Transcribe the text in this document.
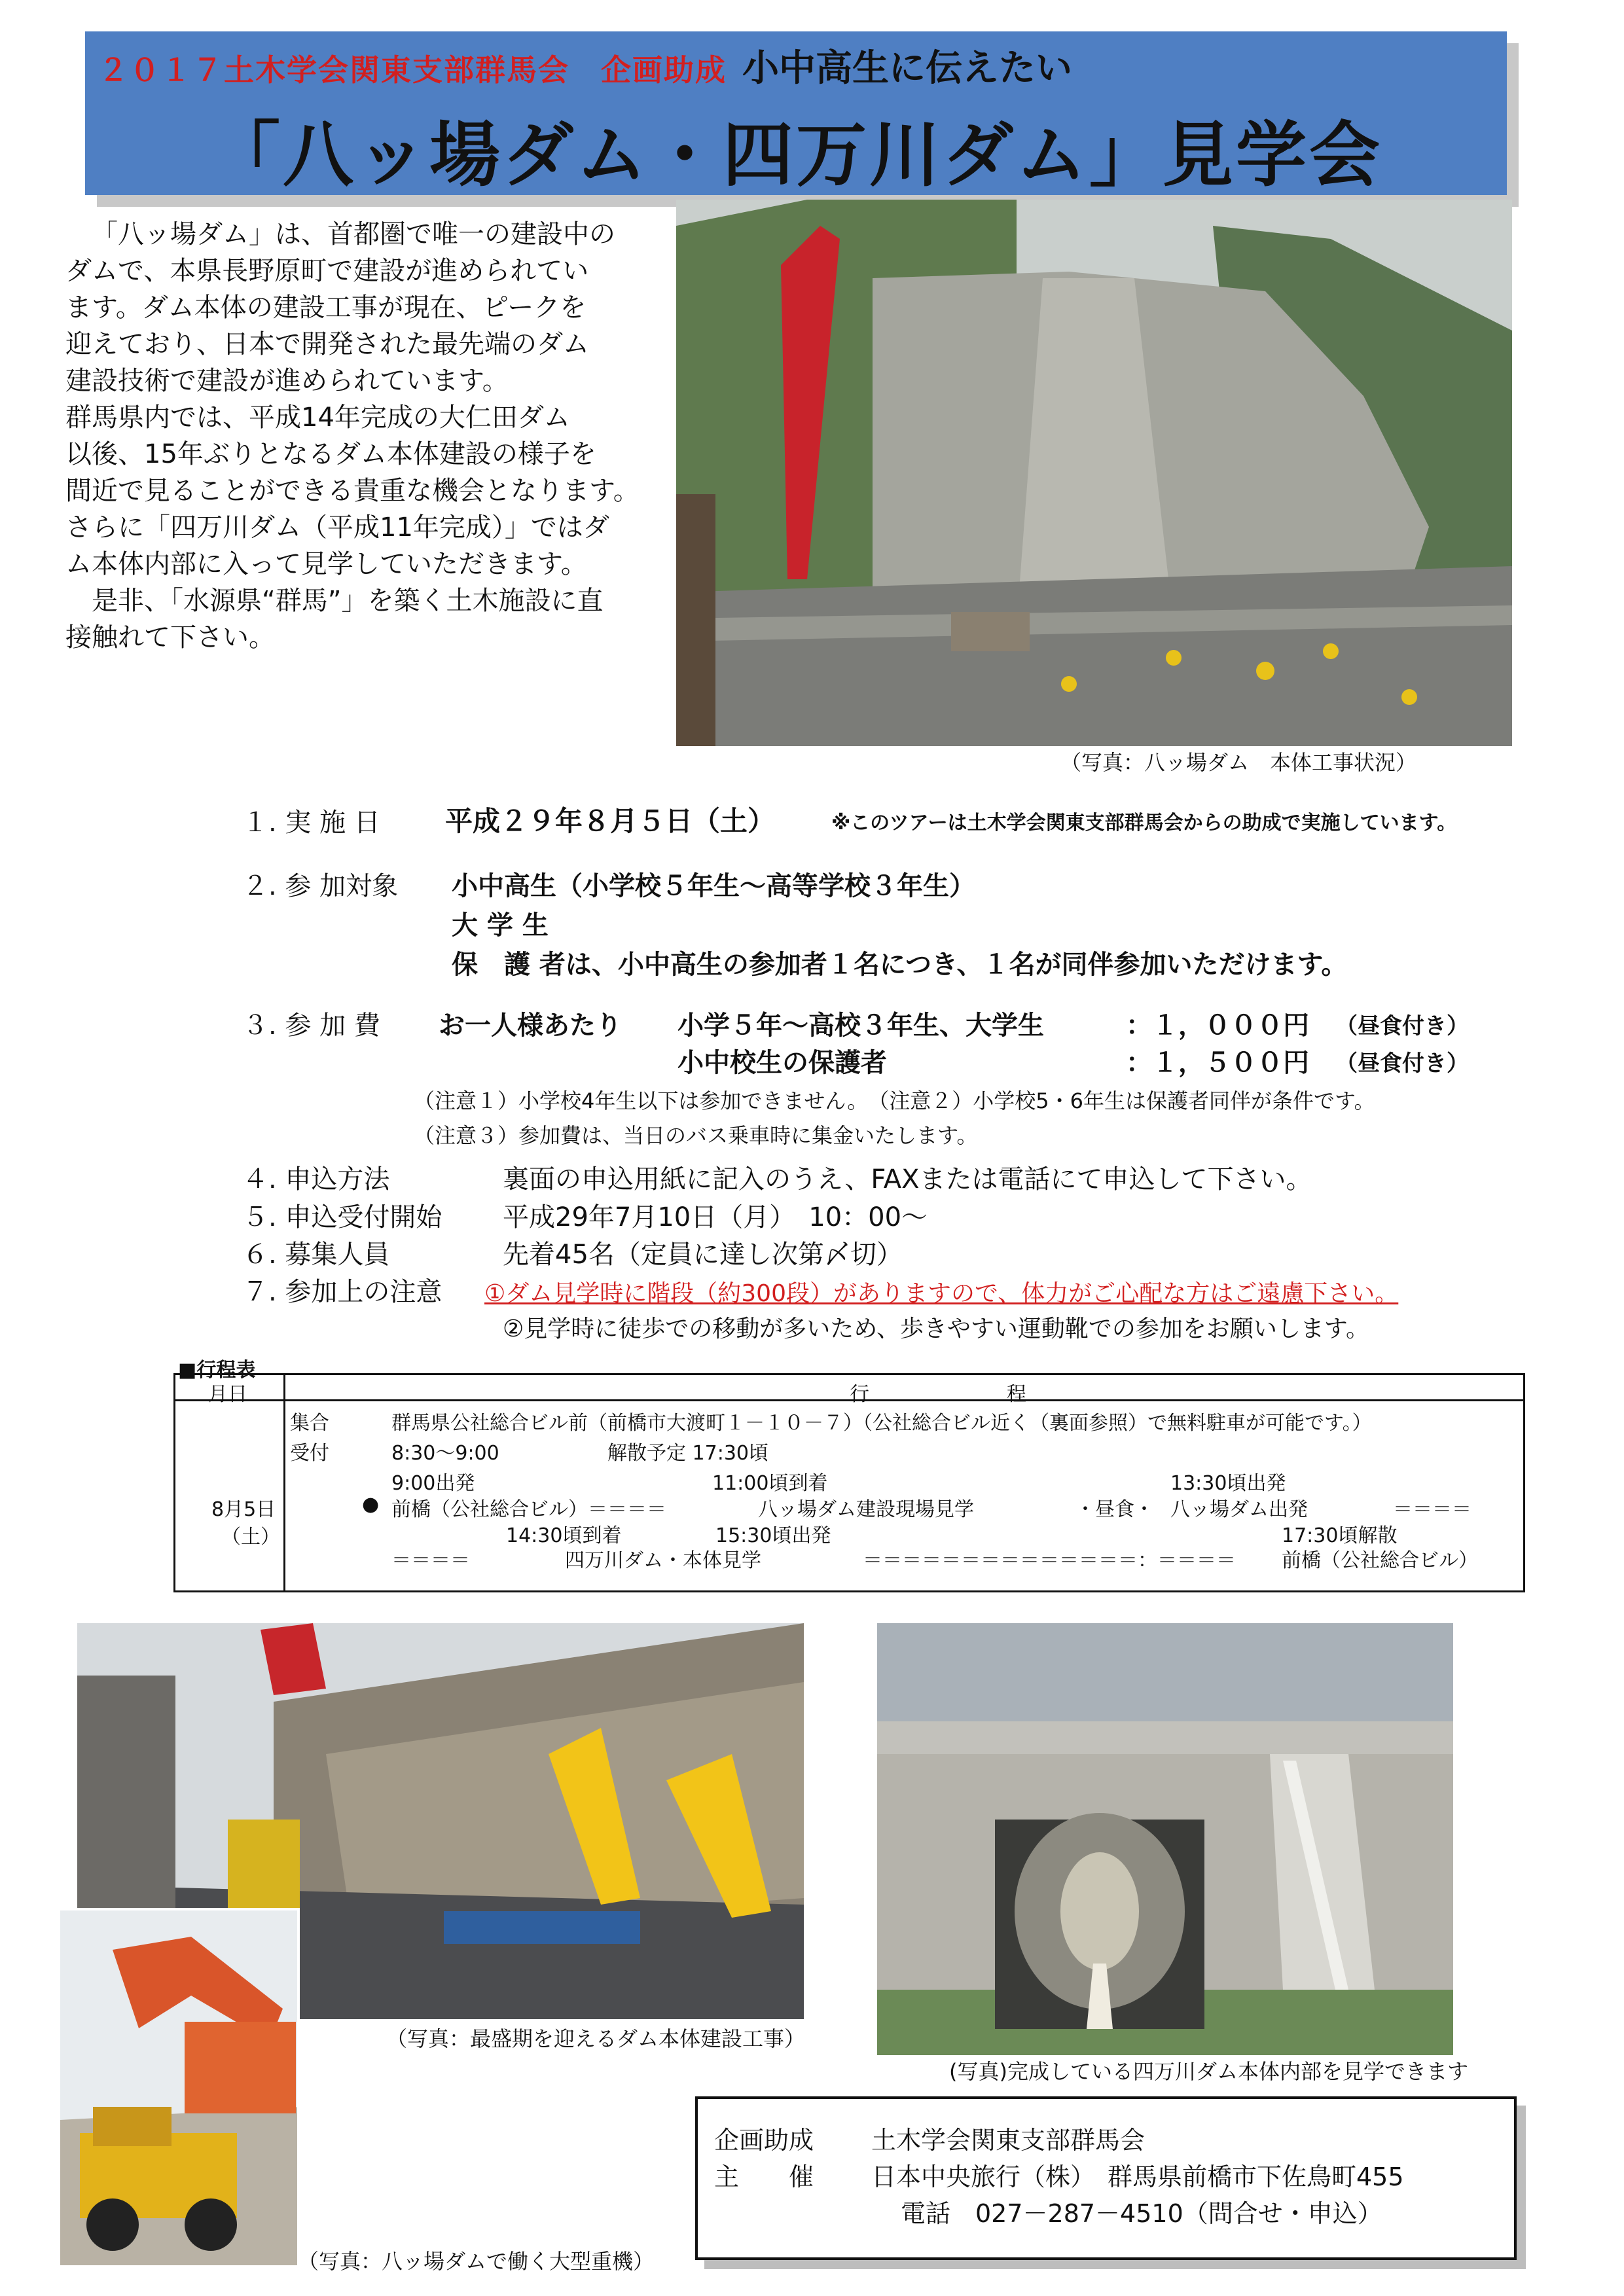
２０１７土木学会関東支部群馬会　企画助成 小中高生に伝えたい
「八ッ場ダム・四万川ダム」見学会

「八ッ場ダム」は、首都圏で唯一の建設中の

ダムで、本県長野原町で建設が進められてい

ます。ダム本体の建設工事が現在、ピークを

迎えており、日本で開発された最先端のダム

建設技術で建設が進められています。

群馬県内では、平成14年完成の大仁田ダム

以後、15年ぶりとなるダム本体建設の様子を

間近で見ることができる貴重な機会となります。

さらに「四万川ダム（平成11年完成）」ではダ

ム本体内部に入って見学していただきます。

是非、「水源県“群馬”」を築く土木施設に直

接触れて下さい。

（写真：八ッ場ダム　本体工事状況）
１. 実 施 日 平成２９年８月５日（土）	※このツアーは土木学会関東支部群馬会からの助成で実施しています。
２. 参 加対象 小中高生（小学校５年生～高等学校３年生）
大 学 生
保　護 者は、小中高生の参加者１名につき、１名が同伴参加いただけます。
３. 参 加 費 お一人様あたり 小学５年～高校３年生、大学生	：１，０００円 （昼食付き）
小中校生の保護者	：１，５００円 （昼食付き）
（注意１）小学校4年生以下は参加できません。　（注意２）小学校5・6年生は保護者同伴が条件です。
（注意３）参加費は、当日のバス乗車時に集金いたします。
４. 申込方法	裏面の申込用紙に記入のうえ、FAXまたは電話にて申込して下さい。
５. 申込受付開始 平成29年7月10日（月）　10：00～
６. 募集人員	先着45名（定員に達し次第〆切）
７. 参加上の注意 ①ダム見学時に階段（約300段）がありますので、体力がご心配な方はご遠慮下さい。
②見学時に徒歩での移動が多いため、歩きやすい運動靴での参加をお願いします。
■行程表
月日	行　　　　　　　程
8月5日
（土）
集合	群馬県公社総合ビル前（前橋市大渡町１－１０－７）（公社総合ビル近く（裏面参照）で無料駐車が可能です。）
受付	8:30～9:00	解散予定 17:30頃
9:00出発	11:00頃到着	13:30頃出発
● 前橋（公社総合ビル）＝＝＝＝	八ッ場ダム建設現場見学	・昼食・ 八ッ場ダム出発	＝＝＝＝
14:30頃到着	15:30頃出発	17:30頃解散
＝＝＝＝	四万川ダム・本体見学	＝＝＝＝＝＝＝＝＝＝＝＝＝＝：＝＝＝＝ 前橋（公社総合ビル）
（写真：最盛期を迎えるダム本体建設工事）
（写真：八ッ場ダムで働く大型重機）
(写真)完成している四万川ダム本体内部を見学できます
企画助成 土木学会関東支部群馬会
主　　催 日本中央旅行（株）　群馬県前橋市下佐鳥町455
電話　027－287－4510（問合せ・申込）
